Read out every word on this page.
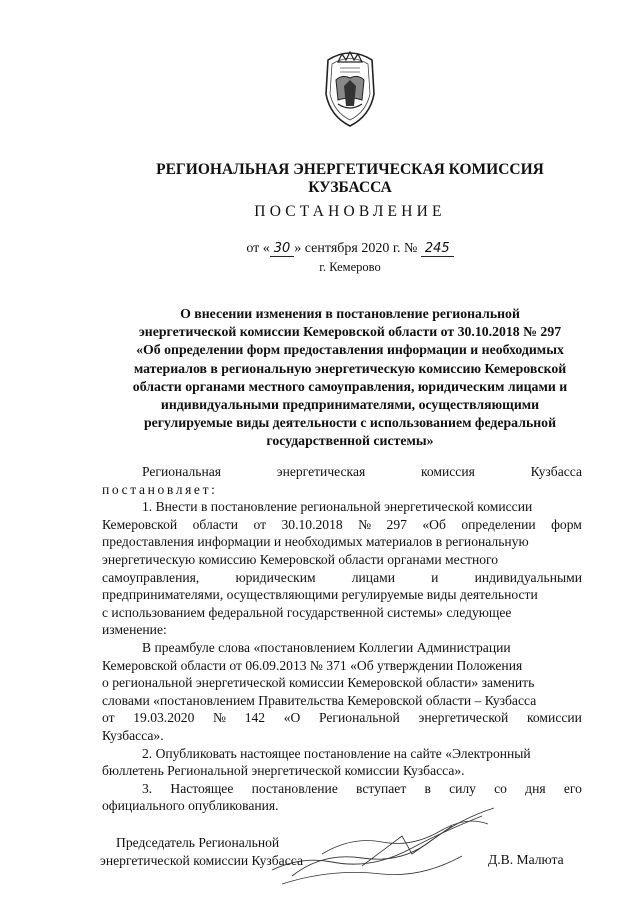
РЕГИОНАЛЬНАЯ ЭНЕРГЕТИЧЕСКАЯ КОМИССИЯ
КУЗБАССА
ПОСТАНОВЛЕНИЕ
от « 30 » сентября 2020 г. № 245
г. Кемерово
О внесении изменения в постановление региональной
энергетической комиссии Кемеровской области от 30.10.2018 № 297
«Об определении форм предоставления информации и необходимых
материалов в региональную энергетическую комиссию Кемеровской
области органами местного самоуправления, юридическим лицами и
индивидуальными предпринимателями, осуществляющими
регулируемые виды деятельности с использованием федеральной
государственной системы»
Региональная	энергетическая	комиссия	Кузбасса
постановляет:
1. Внести в постановление региональной энергетической комиссии
Кемеровской области от 30.10.2018 № 297 «Об определении форм
предоставления информации и необходимых материалов в региональную
энергетическую комиссию Кемеровской области органами местного
самоуправления,	юридическим	лицами	и	индивидуальными
предпринимателями, осуществляющими регулируемые виды деятельности
с использованием федеральной государственной системы» следующее
изменение:
В преамбуле слова «постановлением Коллегии Администрации
Кемеровской области от 06.09.2013 № 371 «Об утверждении Положения
о региональной энергетической комиссии Кемеровской области» заменить
словами «постановлением Правительства Кемеровской области – Кузбасса
от 19.03.2020 № 142 «О Региональной энергетической комиссии
Кузбасса».
2. Опубликовать настоящее постановление на сайте «Электронный
бюллетень Региональной энергетической комиссии Кузбасса».
3. Настоящее постановление вступает в силу со дня его
официального опубликования.
Председатель Региональной
энергетической комиссии Кузбасса	Д.В. Малюта
